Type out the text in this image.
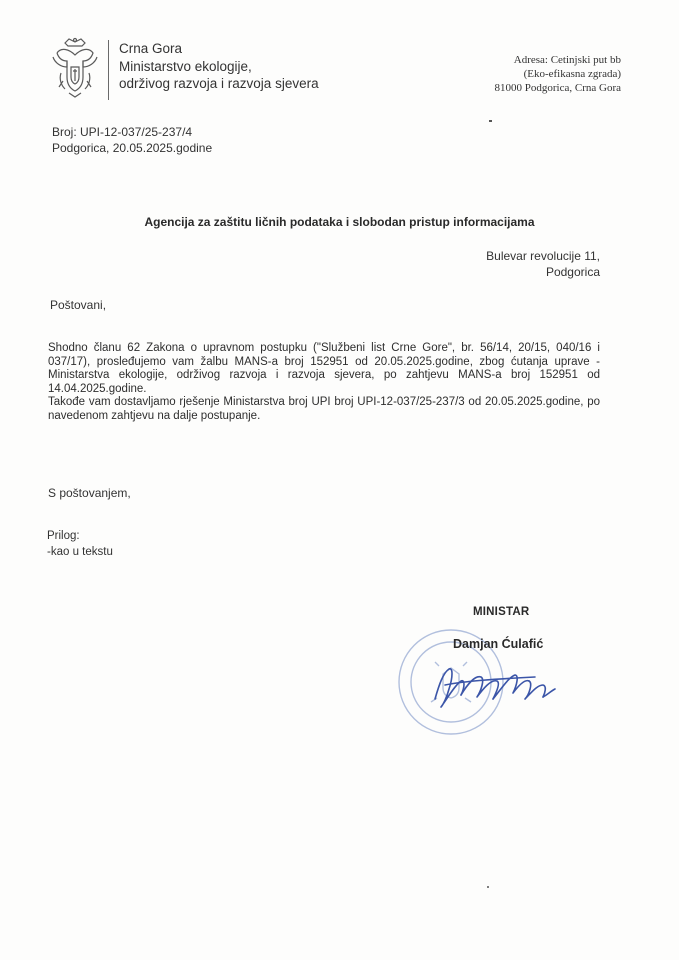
Crna Gora
Ministarstvo ekologije,
održivog razvoja i razvoja sjevera
Adresa: Cetinjski put bb
(Eko-efikasna zgrada)
81000 Podgorica, Crna Gora
Broj: UPI-12-037/25-237/4
Podgorica, 20.05.2025.godine
Agencija za zaštitu ličnih podataka i slobodan pristup informacijama
Bulevar revolucije 11,
Podgorica
Poštovani,

Shodno članu 62 Zakona o upravnom postupku ("Službeni list Crne Gore", br. 56/14, 20/15, 040/16 i 037/17), prosleđujemo vam žalbu MANS-a broj 152951 od 20.05.2025.godine, zbog ćutanja uprave - Ministarstva ekologije, održivog razvoja i razvoja sjevera, po zahtjevu MANS-a broj 152951 od 14.04.2025.godine.

Takođe vam dostavljamo rješenje Ministarstva broj UPI broj UPI-12-037/25-237/3 od 20.05.2025.godine, po navedenom zahtjevu na dalje postupanje.

S poštovanjem,
Prilog:
-kao u tekstu
MINISTAR
Damjan Ćulafić
